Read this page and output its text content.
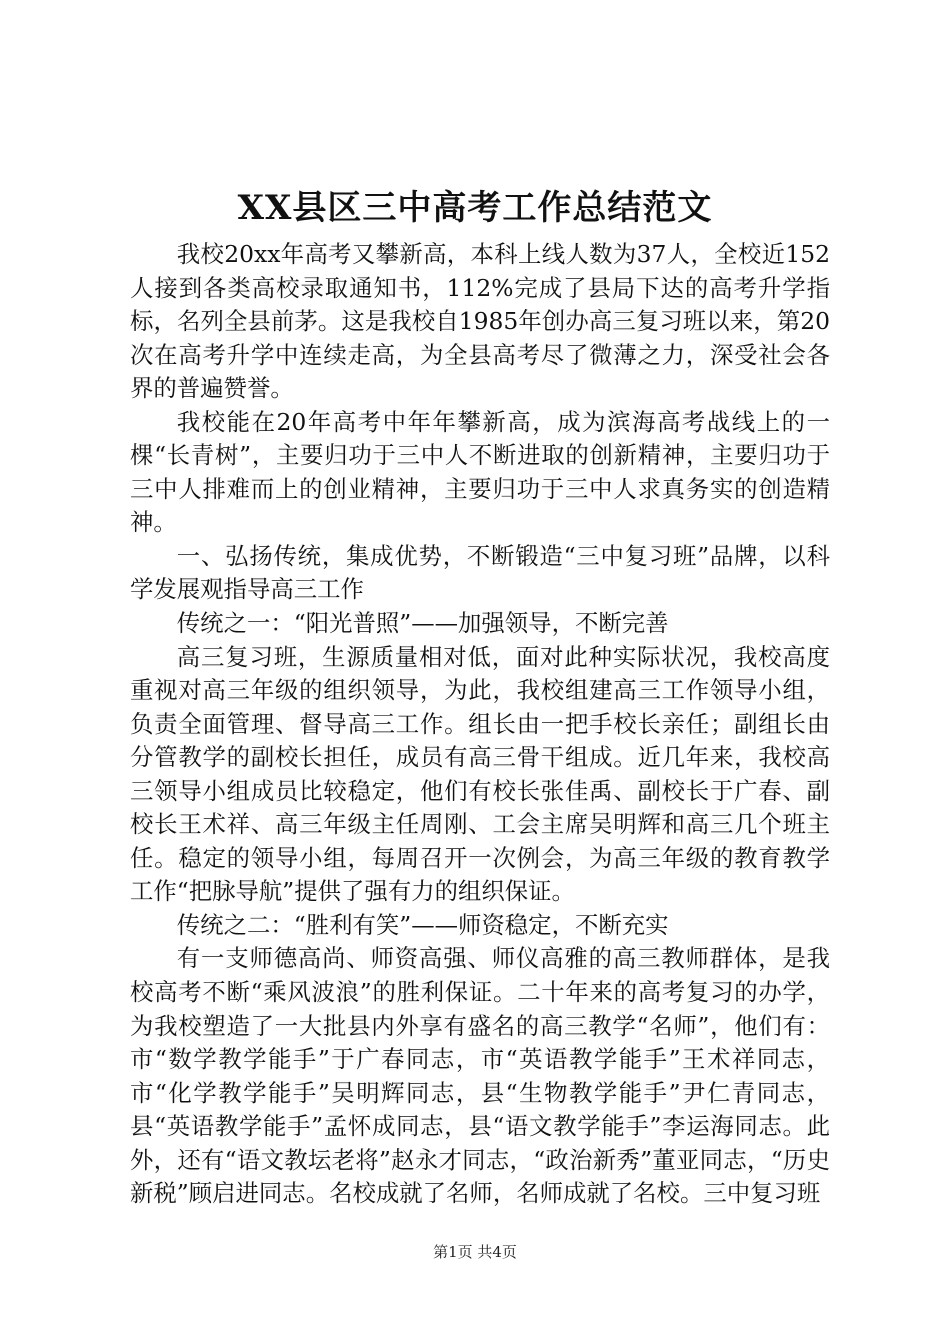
XX县区三中高考工作总结范文

我校20xx年高考又攀新高，本科上线人数为37人，全校近152人接到各类高校录取通知书，112%完成了县局下达的高考升学指标，名列全县前茅。这是我校自1985年创办高三复习班以来，第20次在高考升学中连续走高，为全县高考尽了微薄之力，深受社会各界的普遍赞誉。

我校能在20年高考中年年攀新高，成为滨海高考战线上的一棵“长青树”，主要归功于三中人不断进取的创新精神，主要归功于三中人排难而上的创业精神，主要归功于三中人求真务实的创造精神。

一、弘扬传统，集成优势，不断锻造“三中复习班”品牌，以科学发展观指导高三工作

传统之一：“阳光普照”——加强领导，不断完善

高三复习班，生源质量相对低，面对此种实际状况，我校高度重视对高三年级的组织领导，为此，我校组建高三工作领导小组，负责全面管理、督导高三工作。组长由一把手校长亲任；副组长由分管教学的副校长担任，成员有高三骨干组成。近几年来，我校高三领导小组成员比较稳定，他们有校长张佳禹、副校长于广春、副校长王术祥、高三年级主任周刚、工会主席吴明辉和高三几个班主任。稳定的领导小组，每周召开一次例会，为高三年级的教育教学工作“把脉导航”提供了强有力的组织保证。

传统之二：“胜利有笑”——师资稳定，不断充实

有一支师德高尚、师资高强、师仪高雅的高三教师群体，是我校高考不断“乘风波浪”的胜利保证。二十年来的高考复习的办学，为我校塑造了一大批县内外享有盛名的高三教学“名师”，他们有：市“数学教学能手”于广春同志，市“英语教学能手”王术祥同志，市“化学教学能手”吴明辉同志，县“生物教学能手”尹仁青同志，县“英语教学能手”孟怀成同志，县“语文教学能手”李运海同志。此外，还有“语文教坛老将”赵永才同志，“政治新秀”董亚同志，“历史新税”顾启进同志。名校成就了名师，名师成就了名校。三中复习班

第1页 共4页
